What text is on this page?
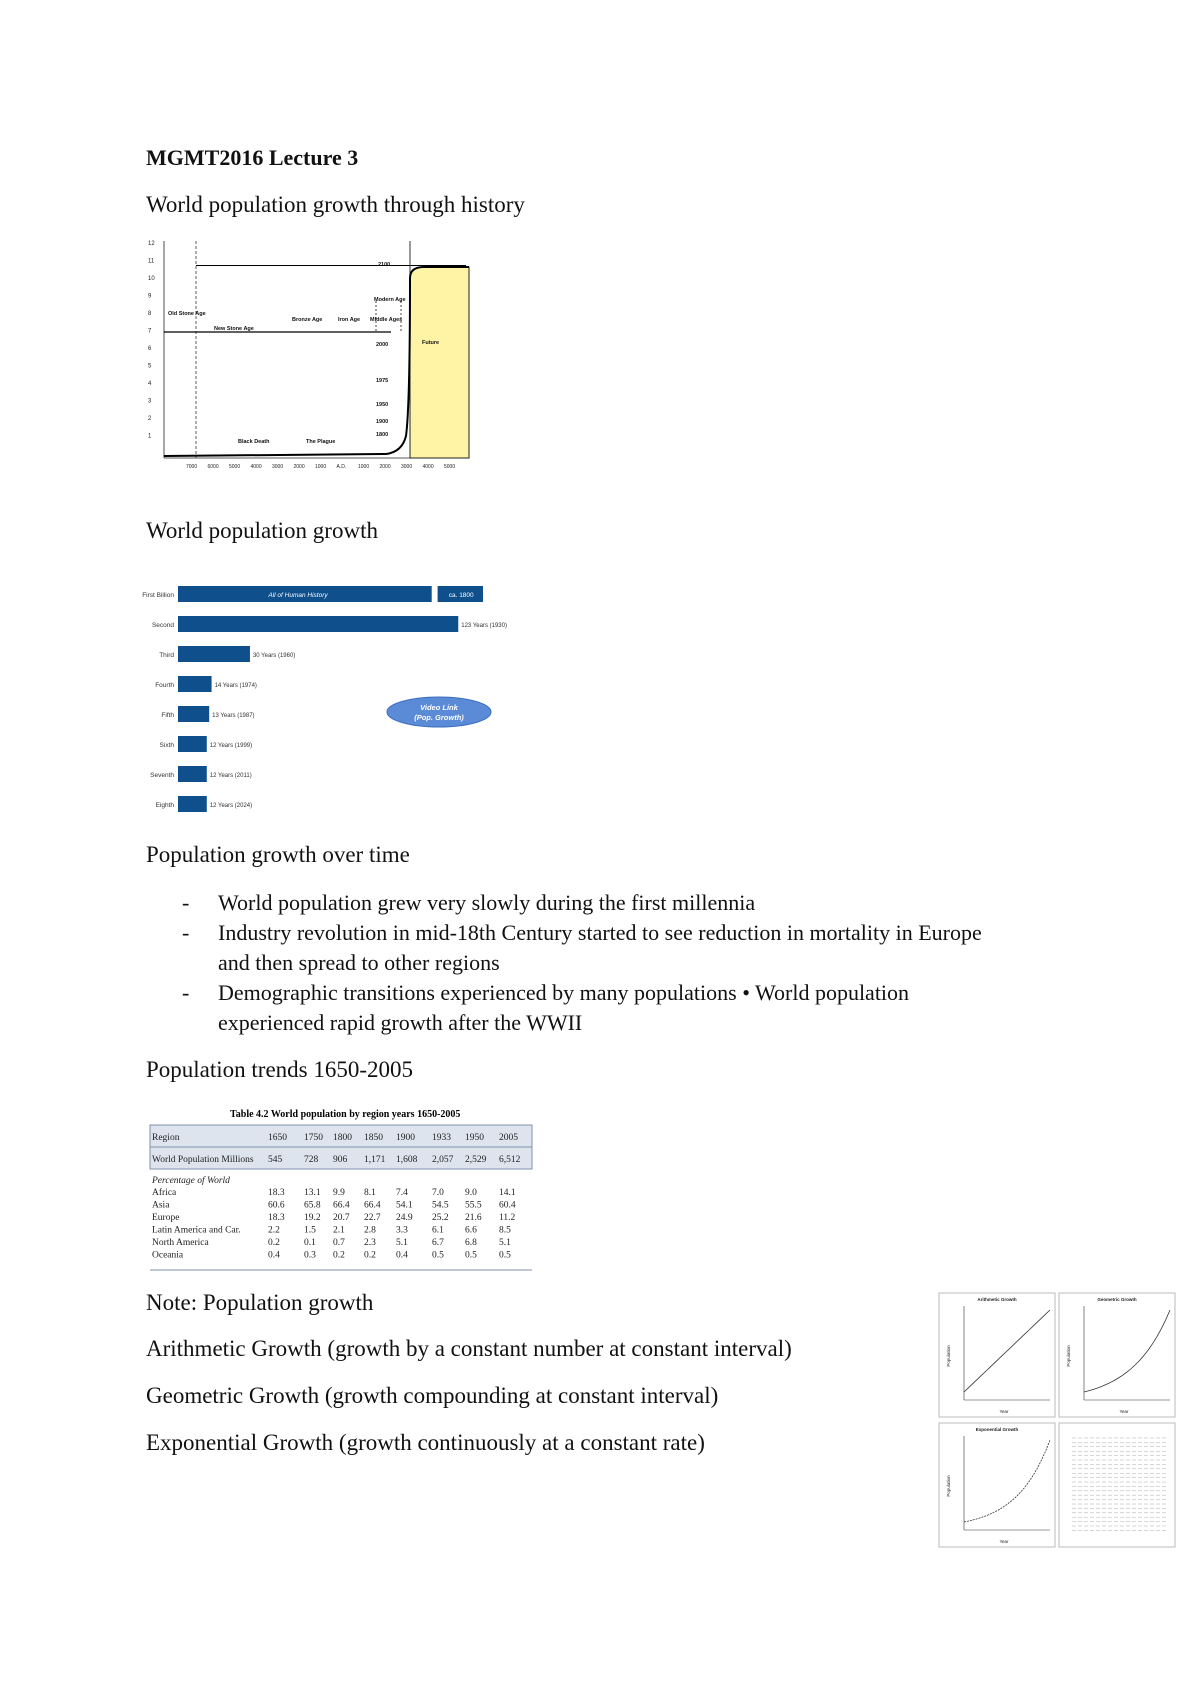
MGMT2016 Lecture 3
World population growth through history
12
11
10
9
8
7
6
5
4
3
2
1
Old Stone Age
New Stone Age
Bronze Age	Iron Age Middle Ages
Modern Age
2100
2000
1975
1950
1900
1800
Future
Black Death	The Plague
7000 6000 5000 4000 3000 2000 1000 A.D. 1000 2000 3000 4000 5000
World population growth
First Billion	All of Human History	ca. 1800
Second	123 Years (1930)
Third	30 Years (1960)
Fourth	14 Years (1974)
Fifth	13 Years (1987)
Sixth	12 Years (1999)
Seventh	12 Years (2011)
Eighth	12 Years (2024)
Video Link
(Pop. Growth)
Population growth over time
- World population grew very slowly during the first millennia
- Industry revolution in mid-18th Century started to see reduction in mortality in Europe and then spread to other regions
- Demographic transitions experienced by many populations • World population experienced rapid growth after the WWII
Population trends 1650-2005
Table 4.2 World population by region years 1650-2005
Region	1650 1750 1800 1850 1900 1933 1950 2005
World Population Millions 545 728 906 1,171 1,608 2,057 2,529 6,512
Percentage of World
Africa	18.3 13.1 9.9 8.1 7.4	7.0 9.0 14.1
Asia	60.6 65.8 66.4 66.4 54.1 54.5 55.5 60.4
Europe	18.3 19.2 20.7 22.7 24.9 25.2 21.6 11.2
Latin America and Car.	2.2	1.5 2.1 2.8 3.3	6.1 6.6 8.5
North America	0.2	0.1 0.7 2.3 5.1	6.7 6.8 5.1
Oceania	0.4	0.3 0.2 0.2 0.4	0.5 0.5 0.5
Note: Population growth
Arithmetic Growth (growth by a constant number at constant interval)
Geometric Growth (growth compounding at constant interval)
Exponential Growth (growth continuously at a constant rate)
Arithmetic Growth
Year
Population
Geometric Growth
Year
Population
Exponential Growth
Year
Population
